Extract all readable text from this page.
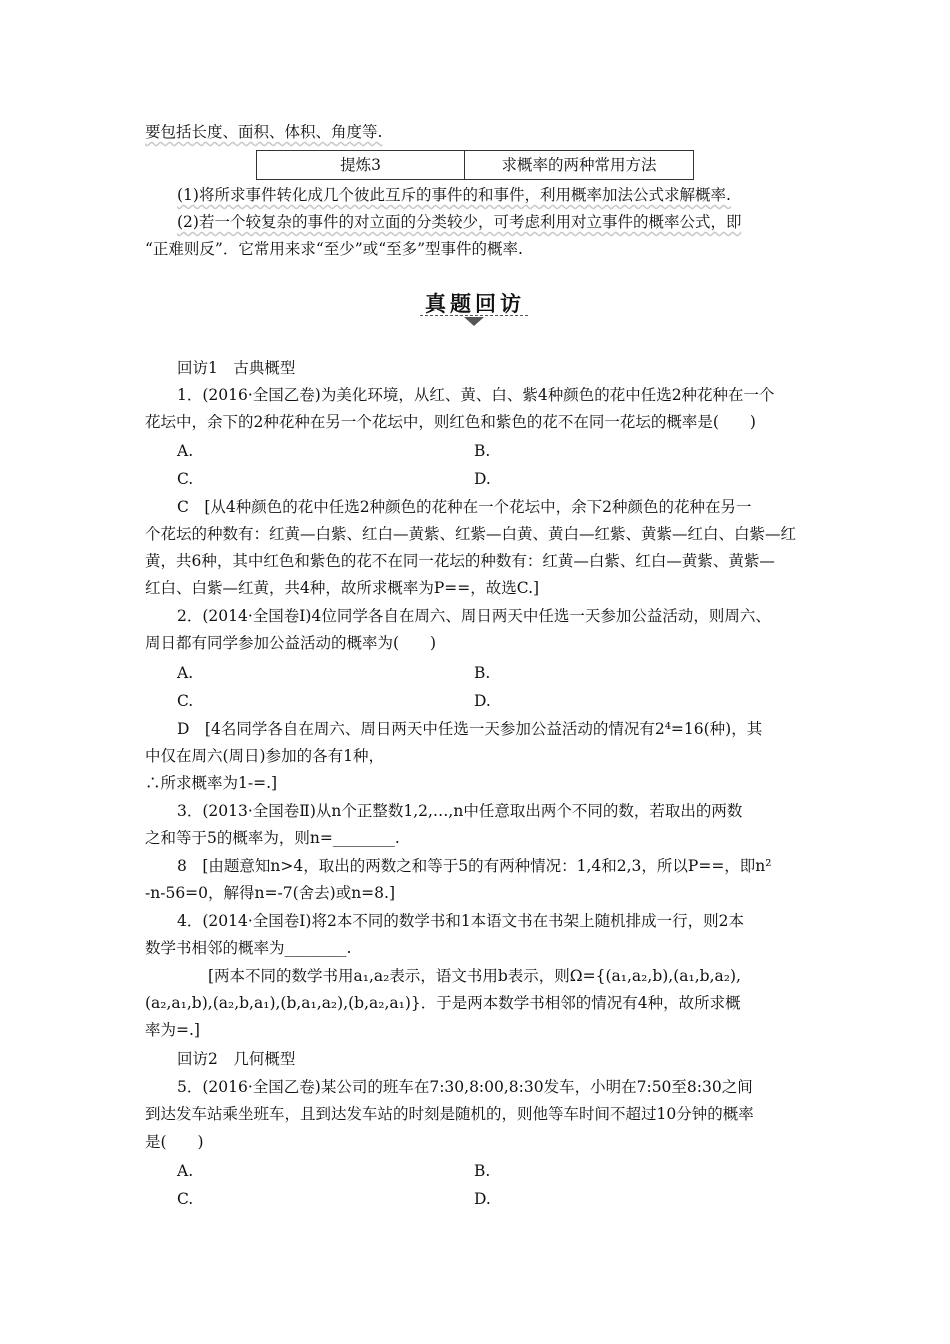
要包括长度、面积、体积、角度等.
提炼3	求概率的两种常用方法
(1)将所求事件转化成几个彼此互斥的事件的和事件，利用概率加法公式求解概率.
(2)若一个较复杂的事件的对立面的分类较少，可考虑利用对立事件的概率公式，即
“正难则反”．它常用来求“至少”或“至多”型事件的概率.
真题回访
回访1　古典概型
1．(2016·全国乙卷)为美化环境，从红、黄、白、紫4种颜色的花中任选2种花种在一个
花坛中，余下的2种花种在另一个花坛中，则红色和紫色的花不在同一花坛的概率是(　　)
A.	B.
C.	D.
C　[从4种颜色的花中任选2种颜色的花种在一个花坛中，余下2种颜色的花种在另一
个花坛的种数有：红黄—白紫、红白—黄紫、红紫—白黄、黄白—红紫、黄紫—红白、白紫—红
黄，共6种，其中红色和紫色的花不在同一花坛的种数有：红黄—白紫、红白—黄紫、黄紫—
红白、白紫—红黄，共4种，故所求概率为P==，故选C.]
2．(2014·全国卷Ⅰ)4位同学各自在周六、周日两天中任选一天参加公益活动，则周六、
周日都有同学参加公益活动的概率为(　　)
A.	B.
C.	D.
D　[4名同学各自在周六、周日两天中任选一天参加公益活动的情况有2⁴=16(种)，其
中仅在周六(周日)参加的各有1种，
∴所求概率为1-=.]
3．(2013·全国卷Ⅱ)从n个正整数1,2,…,n中任意取出两个不同的数，若取出的两数
之和等于5的概率为，则n=________.
8　[由题意知n>4，取出的两数之和等于5的有两种情况：1,4和2,3，所以P==，即n²
-n-56=0，解得n=-7(舍去)或n=8.]
4．(2014·全国卷Ⅰ)将2本不同的数学书和1本语文书在书架上随机排成一行，则2本
数学书相邻的概率为________.
[两本不同的数学书用a₁,a₂表示，语文书用b表示，则Ω={(a₁,a₂,b),(a₁,b,a₂),
(a₂,a₁,b),(a₂,b,a₁),(b,a₁,a₂),(b,a₂,a₁)}．于是两本数学书相邻的情况有4种，故所求概
率为=.]
回访2　几何概型
5．(2016·全国乙卷)某公司的班车在7:30,8:00,8:30发车，小明在7:50至8:30之间
到达发车站乘坐班车，且到达发车站的时刻是随机的，则他等车时间不超过10分钟的概率
是(　　)
A.	B.
C.	D.
